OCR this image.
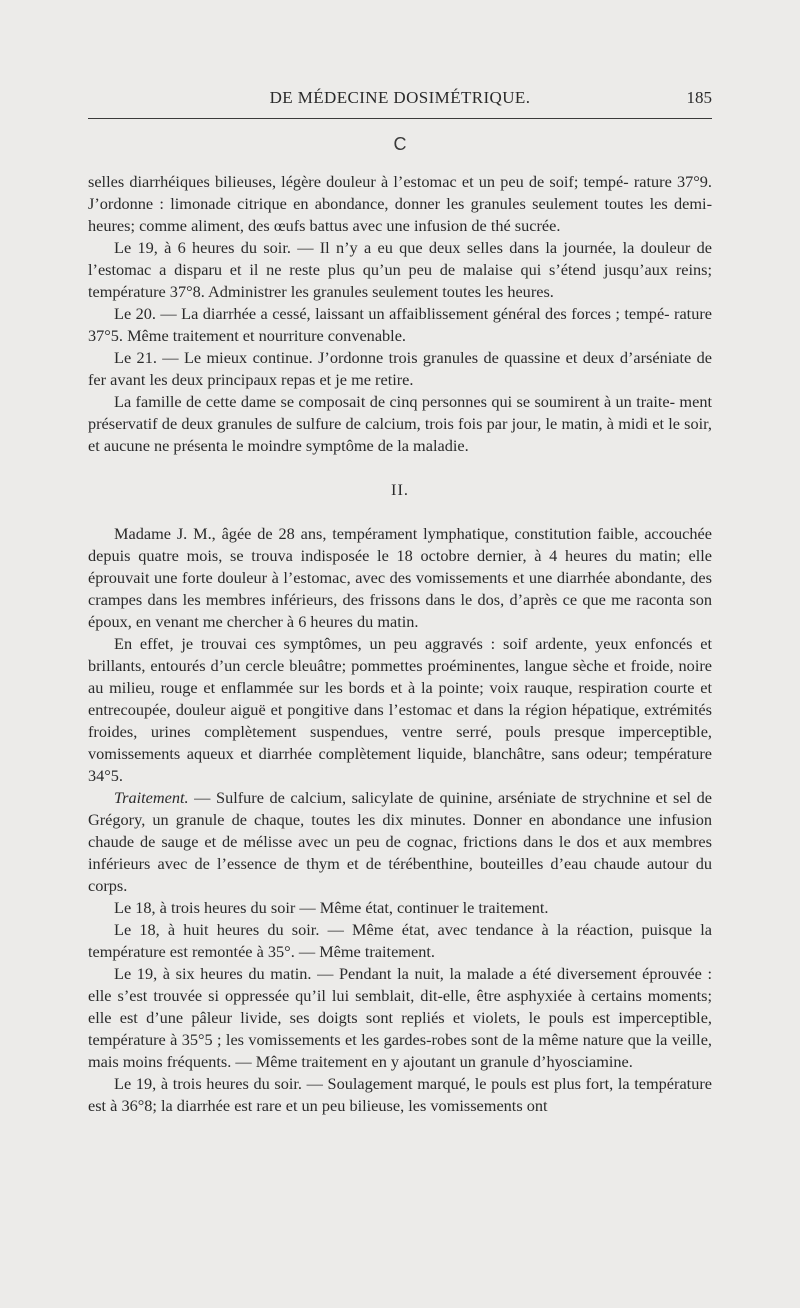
DE MÉDECINE DOSIMÉTRIQUE.	185
C

selles diarrhéiques bilieuses, légère douleur à l’estomac et un peu de soif; tempé- rature 37°9. J’ordonne : limonade citrique en abondance, donner les granules seulement toutes les demi-heures; comme aliment, des œufs battus avec une infusion de thé sucrée.

Le 19, à 6 heures du soir. — Il n’y a eu que deux selles dans la journée, la douleur de l’estomac a disparu et il ne reste plus qu’un peu de malaise qui s’étend jusqu’aux reins; température 37°8. Administrer les granules seulement toutes les heures.

Le 20. — La diarrhée a cessé, laissant un affaiblissement général des forces ; tempé- rature 37°5. Même traitement et nourriture convenable.

Le 21. — Le mieux continue. J’ordonne trois granules de quassine et deux d’arséniate de fer avant les deux principaux repas et je me retire.

La famille de cette dame se composait de cinq personnes qui se soumirent à un traite- ment préservatif de deux granules de sulfure de calcium, trois fois par jour, le matin, à midi et le soir, et aucune ne présenta le moindre symptôme de la maladie.

II.

Madame J. M., âgée de 28 ans, tempérament lymphatique, constitution faible, accouchée depuis quatre mois, se trouva indisposée le 18 octobre dernier, à 4 heures du matin; elle éprouvait une forte douleur à l’estomac, avec des vomissements et une diarrhée abondante, des crampes dans les membres inférieurs, des frissons dans le dos, d’après ce que me raconta son époux, en venant me chercher à 6 heures du matin.

En effet, je trouvai ces symptômes, un peu aggravés : soif ardente, yeux enfoncés et brillants, entourés d’un cercle bleuâtre; pommettes proéminentes, langue sèche et froide, noire au milieu, rouge et enflammée sur les bords et à la pointe; voix rauque, respiration courte et entrecoupée, douleur aiguë et pongitive dans l’estomac et dans la région hépatique, extrémités froides, urines complètement suspendues, ventre serré, pouls presque imperceptible, vomissements aqueux et diarrhée complètement liquide, blanchâtre, sans odeur; température 34°5.

Traitement. — Sulfure de calcium, salicylate de quinine, arséniate de strychnine et sel de Grégory, un granule de chaque, toutes les dix minutes. Donner en abondance une infusion chaude de sauge et de mélisse avec un peu de cognac, frictions dans le dos et aux membres inférieurs avec de l’essence de thym et de térébenthine, bouteilles d’eau chaude autour du corps.

Le 18, à trois heures du soir — Même état, continuer le traitement.

Le 18, à huit heures du soir. — Même état, avec tendance à la réaction, puisque la température est remontée à 35°. — Même traitement.

Le 19, à six heures du matin. — Pendant la nuit, la malade a été diversement éprouvée : elle s’est trouvée si oppressée qu’il lui semblait, dit-elle, être asphyxiée à certains moments; elle est d’une pâleur livide, ses doigts sont repliés et violets, le pouls est imperceptible, température à 35°5 ; les vomissements et les gardes-robes sont de la même nature que la veille, mais moins fréquents. — Même traitement en y ajoutant un granule d’hyosciamine.

Le 19, à trois heures du soir. — Soulagement marqué, le pouls est plus fort, la température est à 36°8; la diarrhée est rare et un peu bilieuse, les vomissements ont
